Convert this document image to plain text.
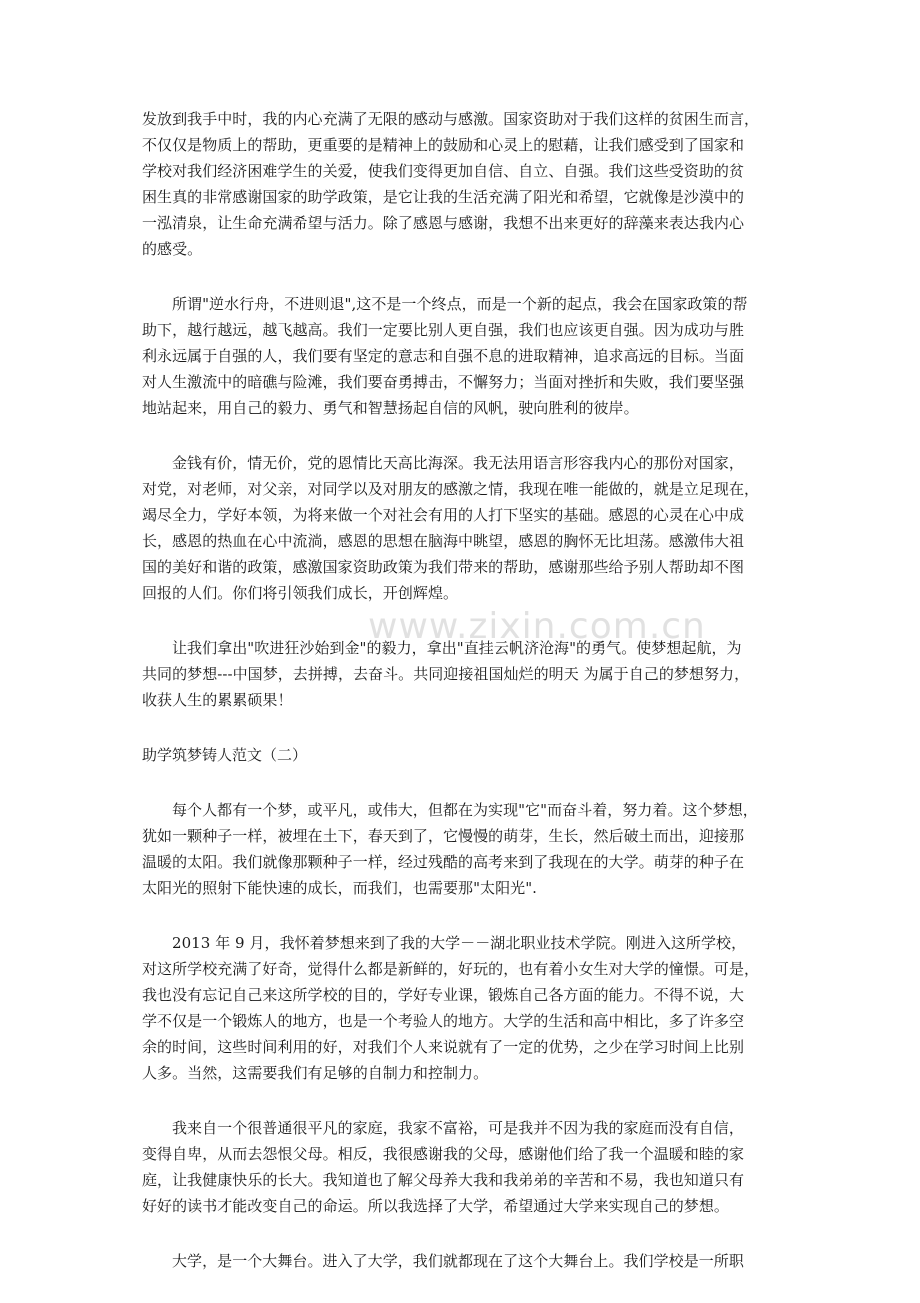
发放到我手中时，我的内心充满了无限的感动与感激。国家资助对于我们这样的贫困生而言，
不仅仅是物质上的帮助，更重要的是精神上的鼓励和心灵上的慰藉，让我们感受到了国家和
学校对我们经济困难学生的关爱，使我们变得更加自信、自立、自强。我们这些受资助的贫
困生真的非常感谢国家的助学政策，是它让我的生活充满了阳光和希望，它就像是沙漠中的
一泓清泉，让生命充满希望与活力。除了感恩与感谢，我想不出来更好的辞藻来表达我内心
的感受。
所谓"逆水行舟，不进则退",这不是一个终点，而是一个新的起点，我会在国家政策的帮
助下，越行越远，越飞越高。我们一定要比别人更自强，我们也应该更自强。因为成功与胜
利永远属于自强的人，我们要有坚定的意志和自强不息的进取精神，追求高远的目标。当面
对人生激流中的暗礁与险滩，我们要奋勇搏击，不懈努力；当面对挫折和失败，我们要坚强
地站起来，用自己的毅力、勇气和智慧扬起自信的风帆，驶向胜利的彼岸。
金钱有价，情无价，党的恩情比天高比海深。我无法用语言形容我内心的那份对国家，
对党，对老师，对父亲，对同学以及对朋友的感激之情，我现在唯一能做的，就是立足现在，
竭尽全力，学好本领，为将来做一个对社会有用的人打下坚实的基础。感恩的心灵在心中成
长，感恩的热血在心中流淌，感恩的思想在脑海中眺望，感恩的胸怀无比坦荡。感激伟大祖
国的美好和谐的政策，感激国家资助政策为我们带来的帮助，感谢那些给予别人帮助却不图
回报的人们。你们将引领我们成长，开创辉煌。
让我们拿出"吹进狂沙始到金"的毅力，拿出"直挂云帆济沧海"的勇气。使梦想起航，为
共同的梦想---中国梦，去拼搏，去奋斗。共同迎接祖国灿烂的明天 为属于自己的梦想努力，
收获人生的累累硕果！

助学筑梦铸人范文（二）

每个人都有一个梦，或平凡，或伟大，但都在为实现"它"而奋斗着，努力着。这个梦想，
犹如一颗种子一样，被埋在土下，春天到了，它慢慢的萌芽，生长，然后破土而出，迎接那
温暖的太阳。我们就像那颗种子一样，经过残酷的高考来到了我现在的大学。萌芽的种子在
太阳光的照射下能快速的成长，而我们，也需要那"太阳光".
2013 年 9 月，我怀着梦想来到了我的大学－－湖北职业技术学院。刚进入这所学校，
对这所学校充满了好奇，觉得什么都是新鲜的，好玩的，也有着小女生对大学的憧憬。可是，
我也没有忘记自己来这所学校的目的，学好专业课，锻炼自己各方面的能力。不得不说，大
学不仅是一个锻炼人的地方，也是一个考验人的地方。大学的生活和高中相比，多了许多空
余的时间，这些时间利用的好，对我们个人来说就有了一定的优势，之少在学习时间上比别
人多。当然，这需要我们有足够的自制力和控制力。
我来自一个很普通很平凡的家庭，我家不富裕，可是我并不因为我的家庭而没有自信，
变得自卑，从而去怨恨父母。相反，我很感谢我的父母，感谢他们给了我一个温暖和睦的家
庭，让我健康快乐的长大。我知道也了解父母养大我和我弟弟的辛苦和不易，我也知道只有
好好的读书才能改变自己的命运。所以我选择了大学，希望通过大学来实现自己的梦想。
大学，是一个大舞台。进入了大学，我们就都现在了这个大舞台上。我们学校是一所职
www.zixin.com.cn
